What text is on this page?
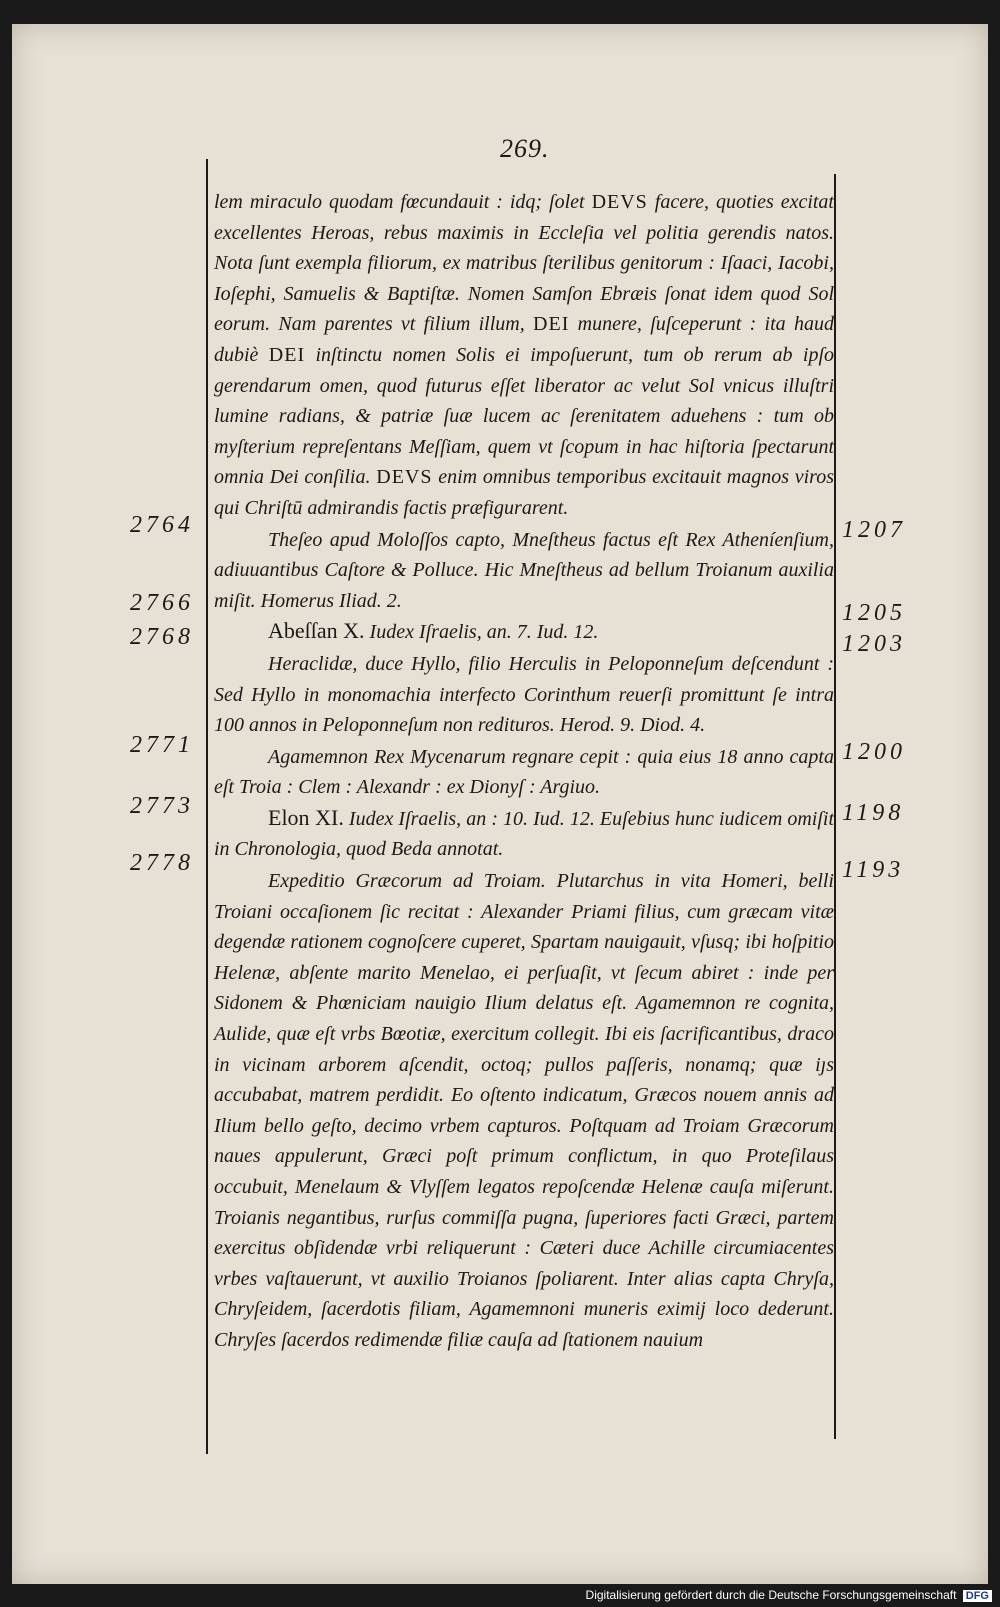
269.

lem miraculo quodam fœcundauit : idq; ſolet DEVS facere, quoties excitat excellentes Heroas, rebus maximis in Eccleſia vel politia gerendis natos. Nota ſunt exempla filiorum, ex matribus ſterilibus genitorum : Iſaaci, Iacobi, Ioſephi, Samuelis & Baptiſtæ. Nomen Samſon Ebræis ſonat idem quod Sol eorum. Nam parentes vt filium illum, DEI munere, ſuſceperunt : ita haud dubiè DEI inſtinctu nomen Solis ei impoſuerunt, tum ob rerum ab ipſo gerendarum omen, quod futurus eſſet liberator ac velut Sol vnicus illuſtri lumine radians, & patriæ ſuæ lucem ac ſerenitatem aduehens : tum ob myſterium repreſentans Meſſiam, quem vt ſcopum in hac hiſtoria ſpectarunt omnia Dei conſilia. DEVS enim omnibus temporibus excitauit magnos viros qui Chriſtū admirandis factis præfigurarent.

Theſeo apud Moloſſos capto, Mneſtheus factus eſt Rex Atheníenſium, adiuuantibus Caſtore & Polluce. Hic Mneſtheus ad bellum Troianum auxilia miſit. Homerus Iliad. 2.

Abeſſan X. Iudex Iſraelis, an. 7. Iud. 12.

Heraclidæ, duce Hyllo, filio Herculis in Peloponneſum deſcendunt : Sed Hyllo in monomachia interfecto Corinthum reuerſi promittunt ſe intra 100 annos in Peloponneſum non redituros. Herod. 9. Diod. 4.

Agamemnon Rex Mycenarum regnare cepit : quia eius 18 anno capta eſt Troia : Clem : Alexandr : ex Dionyſ : Argiuo.

Elon XI. Iudex Iſraelis, an : 10. Iud. 12. Euſebius hunc iudicem omiſit in Chronologia, quod Beda annotat.

Expeditio Græcorum ad Troiam. Plutarchus in vita Homeri, belli Troiani occaſionem ſic recitat : Alexander Priami filius, cum græcam vitæ degendæ rationem cognoſcere cuperet, Spartam nauigauit, vſusq; ibi hoſpitio Helenæ, abſente marito Menelao, ei perſuaſit, vt ſecum abiret : inde per Sidonem & Phœniciam nauigio Ilium delatus eſt. Agamemnon re cognita, Aulide, quæ eſt vrbs Bœotiæ, exercitum collegit. Ibi eis ſacrificantibus, draco in vicinam arborem aſcendit, octoq; pullos paſſeris, nonamq; quæ iȷs accubabat, matrem perdidit. Eo oſtento indicatum, Græcos nouem annis ad Ilium bello geſto, decimo vrbem capturos. Poſtquam ad Troiam Græcorum naues appulerunt, Græci poſt primum conflictum, in quo Proteſilaus occubuit, Menelaum & Vlyſſem legatos repoſcendæ Helenæ cauſa miſerunt. Troianis negantibus, rurſus commiſſa pugna, ſuperiores facti Græci, partem exercitus obſidendæ vrbi reliquerunt : Cæteri duce Achille circumiacentes vrbes vaſtauerunt, vt auxilio Troianos ſpoliarent. Inter alias capta Chryſa, Chryſeidem, ſacerdotis filiam, Agamemnoni muneris eximij loco dederunt. Chryſes ſacerdos redimendæ filiæ cauſa ad ſtationem nauium

2764	1207
2766	1205
2768	1203
2771	1200
2773	1198
2778	1193
Digitalisierung gefördert durch die Deutsche Forschungsgemeinschaft DFG
